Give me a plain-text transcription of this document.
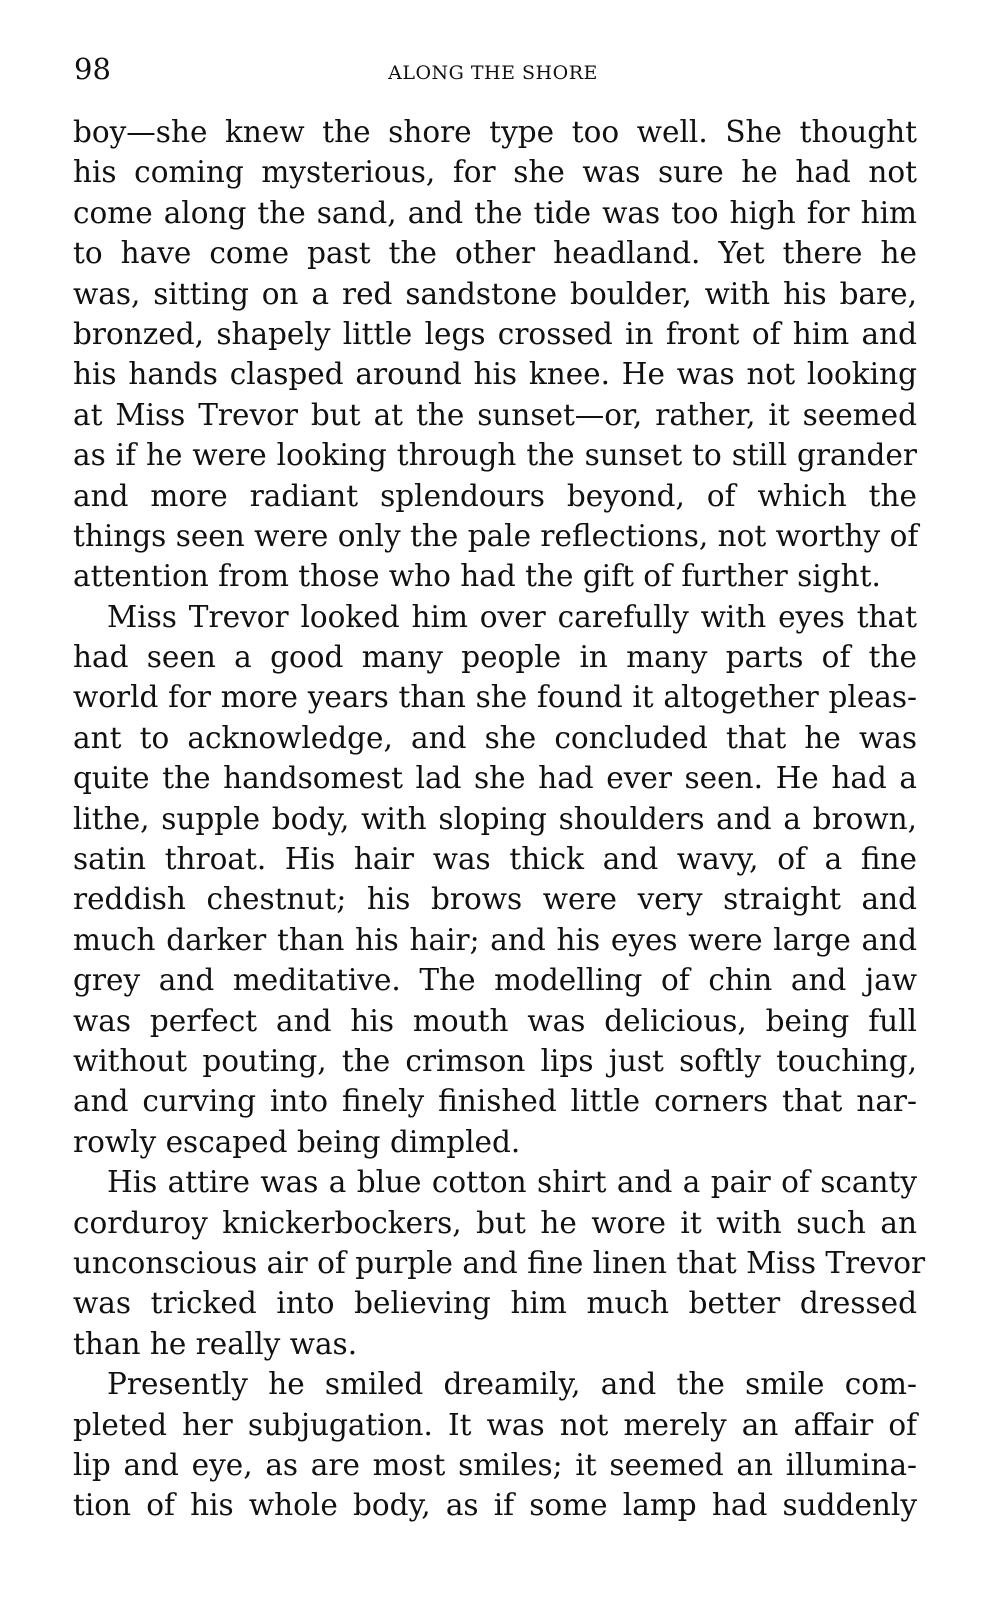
98	ALONG THE SHORE
boy—she knew the shore type too well. She thought
his coming mysterious, for she was sure he had not
come along the sand, and the tide was too high for him
to have come past the other headland. Yet there he
was, sitting on a red sandstone boulder, with his bare,
bronzed, shapely little legs crossed in front of him and
his hands clasped around his knee. He was not looking
at Miss Trevor but at the sunset—or, rather, it seemed
as if he were looking through the sunset to still grander
and more radiant splendours beyond, of which the
things seen were only the pale reflections, not worthy of
attention from those who had the gift of further sight.
Miss Trevor looked him over carefully with eyes that
had seen a good many people in many parts of the
world for more years than she found it altogether pleas-
ant to acknowledge, and she concluded that he was
quite the handsomest lad she had ever seen. He had a
lithe, supple body, with sloping shoulders and a brown,
satin throat. His hair was thick and wavy, of a fine
reddish chestnut; his brows were very straight and
much darker than his hair; and his eyes were large and
grey and meditative. The modelling of chin and jaw
was perfect and his mouth was delicious, being full
without pouting, the crimson lips just softly touching,
and curving into finely finished little corners that nar-
rowly escaped being dimpled.
His attire was a blue cotton shirt and a pair of scanty
corduroy knickerbockers, but he wore it with such an
unconscious air of purple and fine linen that Miss Trevor
was tricked into believing him much better dressed
than he really was.
Presently he smiled dreamily, and the smile com-
pleted her subjugation. It was not merely an affair of
lip and eye, as are most smiles; it seemed an illumina-
tion of his whole body, as if some lamp had suddenly
